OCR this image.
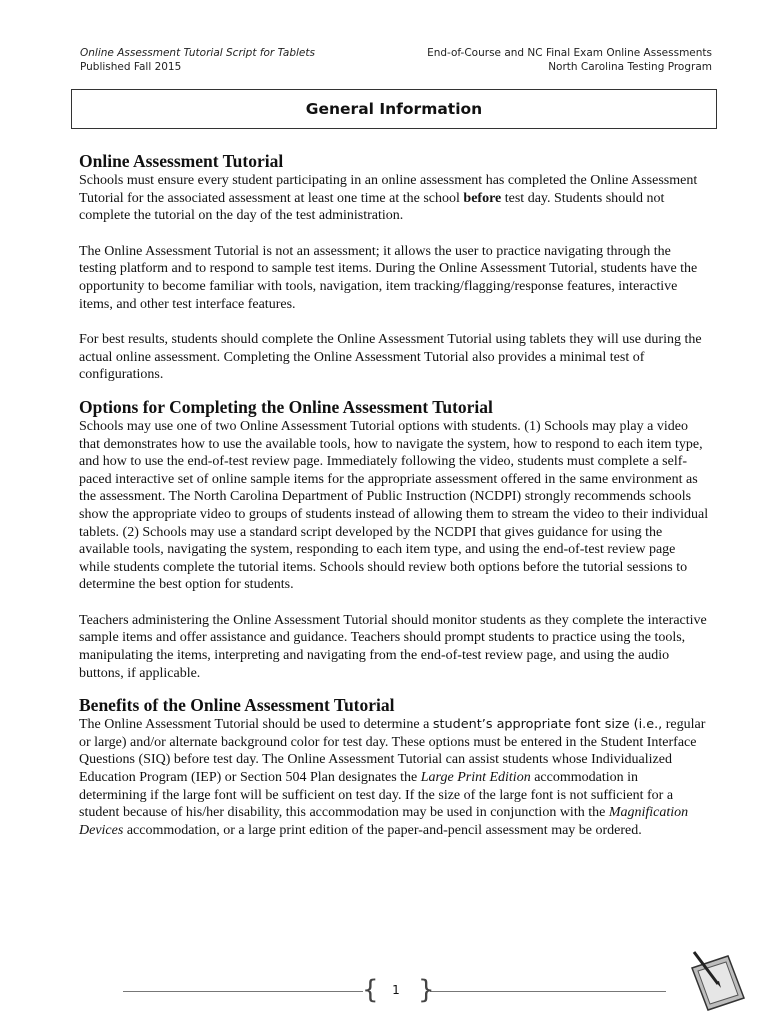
Online Assessment Tutorial Script for Tablets
Published Fall 2015
End-of-Course and NC Final Exam Online Assessments
North Carolina Testing Program
General Information
Online Assessment Tutorial

Schools must ensure every student participating in an online assessment has completed the Online Assessment Tutorial for the associated assessment at least one time at the school before test day. Students should not complete the tutorial on the day of the test administration.

The Online Assessment Tutorial is not an assessment; it allows the user to practice navigating through the testing platform and to respond to sample test items. During the Online Assessment Tutorial, students have the opportunity to become familiar with tools, navigation, item tracking/flagging/response features, interactive items, and other test interface features.

For best results, students should complete the Online Assessment Tutorial using tablets they will use during the actual online assessment. Completing the Online Assessment Tutorial also provides a minimal test of configurations.

Options for Completing the Online Assessment Tutorial

Schools may use one of two Online Assessment Tutorial options with students. (1) Schools may play a video that demonstrates how to use the available tools, how to navigate the system, how to respond to each item type, and how to use the end-of-test review page. Immediately following the video, students must complete a self-paced interactive set of online sample items for the appropriate assessment offered in the same environment as the assessment. The North Carolina Department of Public Instruction (NCDPI) strongly recommends schools show the appropriate video to groups of students instead of allowing them to stream the video to their individual tablets. (2) Schools may use a standard script developed by the NCDPI that gives guidance for using the available tools, navigating the system, responding to each item type, and using the end-of-test review page while students complete the tutorial items. Schools should review both options before the tutorial sessions to determine the best option for students.

Teachers administering the Online Assessment Tutorial should monitor students as they complete the interactive sample items and offer assistance and guidance. Teachers should prompt students to practice using the tools, manipulating the items, interpreting and navigating from the end-of-test review page, and using the audio buttons, if applicable.

Benefits of the Online Assessment Tutorial

The Online Assessment Tutorial should be used to determine a student’s appropriate font size (i.e., regular or large) and/or alternate background color for test day. These options must be entered in the Student Interface Questions (SIQ) before test day. The Online Assessment Tutorial can assist students whose Individualized Education Program (IEP) or Section 504 Plan designates the Large Print Edition accommodation in determining if the large font will be sufficient on test day. If the size of the large font is not sufficient for a student because of his/her disability, this accommodation may be used in conjunction with the Magnification Devices accommodation, or a large print edition of the paper-and-pencil assessment may be ordered.

{	1 }
